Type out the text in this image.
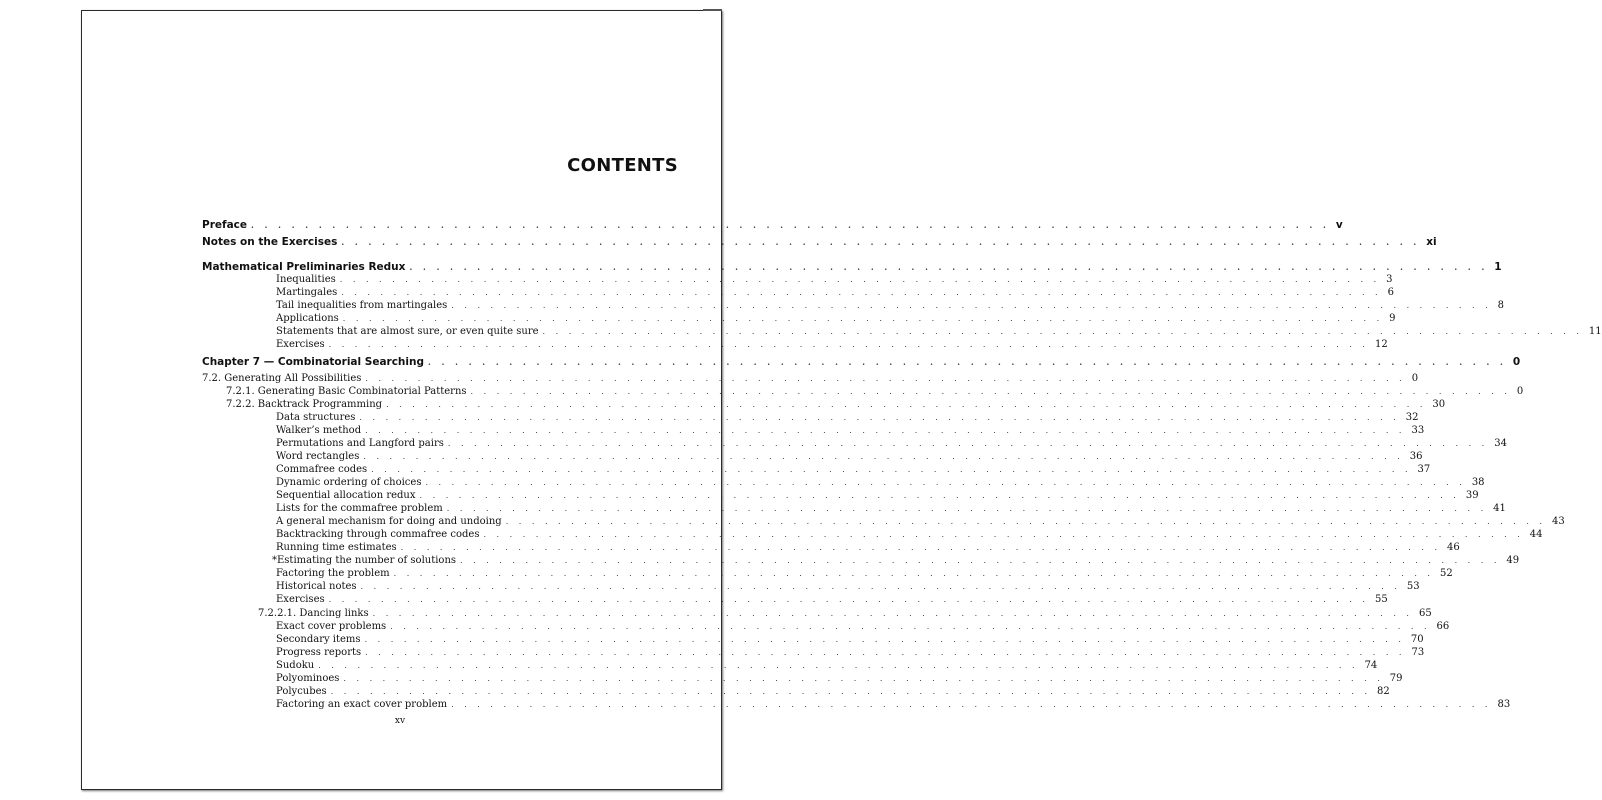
CONTENTS
Preface . . . . . . . . . . . . . . . . . . . . . . . . . . . . . . . . . . . . . . . . . . . . . . . . . . . . . . . . . . . . . . . . . . . . . . . . . . . . . . . . v
Notes on the Exercises . . . . . . . . . . . . . . . . . . . . . . . . . . . . . . . . . . . . . . . . . . . . . . . . . . . . . . . . . . . . . . . . . . . . . . . . . . . . . . . . xi
Mathematical Preliminaries Redux . . . . . . . . . . . . . . . . . . . . . . . . . . . . . . . . . . . . . . . . . . . . . . . . . . . . . . . . . . . . . . . . . . . . . . . . . . . . . . . . 1
Inequalities . . . . . . . . . . . . . . . . . . . . . . . . . . . . . . . . . . . . . . . . . . . . . . . . . . . . . . . . . . . . . . . . . . . . . . . . . . . . . . . . 3
Martingales . . . . . . . . . . . . . . . . . . . . . . . . . . . . . . . . . . . . . . . . . . . . . . . . . . . . . . . . . . . . . . . . . . . . . . . . . . . . . . . . 6
Tail inequalities from martingales . . . . . . . . . . . . . . . . . . . . . . . . . . . . . . . . . . . . . . . . . . . . . . . . . . . . . . . . . . . . . . . . . . . . . . . . . . . . . . . . 8
Applications . . . . . . . . . . . . . . . . . . . . . . . . . . . . . . . . . . . . . . . . . . . . . . . . . . . . . . . . . . . . . . . . . . . . . . . . . . . . . . . . 9
Statements that are almost sure, or even quite sure . . . . . . . . . . . . . . . . . . . . . . . . . . . . . . . . . . . . . . . . . . . . . . . . . . . . . . . . . . . . . . . . . . . . . . . . . . . . . . . . 11
Exercises . . . . . . . . . . . . . . . . . . . . . . . . . . . . . . . . . . . . . . . . . . . . . . . . . . . . . . . . . . . . . . . . . . . . . . . . . . . . . . . . 12
Chapter 7 — Combinatorial Searching . . . . . . . . . . . . . . . . . . . . . . . . . . . . . . . . . . . . . . . . . . . . . . . . . . . . . . . . . . . . . . . . . . . . . . . . . . . . . . . . 0
7.2. Generating All Possibilities . . . . . . . . . . . . . . . . . . . . . . . . . . . . . . . . . . . . . . . . . . . . . . . . . . . . . . . . . . . . . . . . . . . . . . . . . . . . . . . . 0
7.2.1. Generating Basic Combinatorial Patterns . . . . . . . . . . . . . . . . . . . . . . . . . . . . . . . . . . . . . . . . . . . . . . . . . . . . . . . . . . . . . . . . . . . . . . . . . . . . . . . . 0
7.2.2. Backtrack Programming . . . . . . . . . . . . . . . . . . . . . . . . . . . . . . . . . . . . . . . . . . . . . . . . . . . . . . . . . . . . . . . . . . . . . . . . . . . . . . . . 30
Data structures . . . . . . . . . . . . . . . . . . . . . . . . . . . . . . . . . . . . . . . . . . . . . . . . . . . . . . . . . . . . . . . . . . . . . . . . . . . . . . . . 32
Walker’s method . . . . . . . . . . . . . . . . . . . . . . . . . . . . . . . . . . . . . . . . . . . . . . . . . . . . . . . . . . . . . . . . . . . . . . . . . . . . . . . . 33
Permutations and Langford pairs . . . . . . . . . . . . . . . . . . . . . . . . . . . . . . . . . . . . . . . . . . . . . . . . . . . . . . . . . . . . . . . . . . . . . . . . . . . . . . . . 34
Word rectangles . . . . . . . . . . . . . . . . . . . . . . . . . . . . . . . . . . . . . . . . . . . . . . . . . . . . . . . . . . . . . . . . . . . . . . . . . . . . . . . . 36
Commafree codes . . . . . . . . . . . . . . . . . . . . . . . . . . . . . . . . . . . . . . . . . . . . . . . . . . . . . . . . . . . . . . . . . . . . . . . . . . . . . . . . 37
Dynamic ordering of choices . . . . . . . . . . . . . . . . . . . . . . . . . . . . . . . . . . . . . . . . . . . . . . . . . . . . . . . . . . . . . . . . . . . . . . . . . . . . . . . . 38
Sequential allocation redux . . . . . . . . . . . . . . . . . . . . . . . . . . . . . . . . . . . . . . . . . . . . . . . . . . . . . . . . . . . . . . . . . . . . . . . . . . . . . . . . 39
Lists for the commafree problem . . . . . . . . . . . . . . . . . . . . . . . . . . . . . . . . . . . . . . . . . . . . . . . . . . . . . . . . . . . . . . . . . . . . . . . . . . . . . . . . 41
A general mechanism for doing and undoing . . . . . . . . . . . . . . . . . . . . . . . . . . . . . . . . . . . . . . . . . . . . . . . . . . . . . . . . . . . . . . . . . . . . . . . . . . . . . . . . 43
Backtracking through commafree codes . . . . . . . . . . . . . . . . . . . . . . . . . . . . . . . . . . . . . . . . . . . . . . . . . . . . . . . . . . . . . . . . . . . . . . . . . . . . . . . . 44
Running time estimates . . . . . . . . . . . . . . . . . . . . . . . . . . . . . . . . . . . . . . . . . . . . . . . . . . . . . . . . . . . . . . . . . . . . . . . . . . . . . . . . 46
*Estimating the number of solutions . . . . . . . . . . . . . . . . . . . . . . . . . . . . . . . . . . . . . . . . . . . . . . . . . . . . . . . . . . . . . . . . . . . . . . . . . . . . . . . . 49
Factoring the problem . . . . . . . . . . . . . . . . . . . . . . . . . . . . . . . . . . . . . . . . . . . . . . . . . . . . . . . . . . . . . . . . . . . . . . . . . . . . . . . . 52
Historical notes . . . . . . . . . . . . . . . . . . . . . . . . . . . . . . . . . . . . . . . . . . . . . . . . . . . . . . . . . . . . . . . . . . . . . . . . . . . . . . . . 53
Exercises . . . . . . . . . . . . . . . . . . . . . . . . . . . . . . . . . . . . . . . . . . . . . . . . . . . . . . . . . . . . . . . . . . . . . . . . . . . . . . . . 55
7.2.2.1. Dancing links . . . . . . . . . . . . . . . . . . . . . . . . . . . . . . . . . . . . . . . . . . . . . . . . . . . . . . . . . . . . . . . . . . . . . . . . . . . . . . . . 65
Exact cover problems . . . . . . . . . . . . . . . . . . . . . . . . . . . . . . . . . . . . . . . . . . . . . . . . . . . . . . . . . . . . . . . . . . . . . . . . . . . . . . . . 66
Secondary items . . . . . . . . . . . . . . . . . . . . . . . . . . . . . . . . . . . . . . . . . . . . . . . . . . . . . . . . . . . . . . . . . . . . . . . . . . . . . . . . 70
Progress reports . . . . . . . . . . . . . . . . . . . . . . . . . . . . . . . . . . . . . . . . . . . . . . . . . . . . . . . . . . . . . . . . . . . . . . . . . . . . . . . . 73
Sudoku . . . . . . . . . . . . . . . . . . . . . . . . . . . . . . . . . . . . . . . . . . . . . . . . . . . . . . . . . . . . . . . . . . . . . . . . . . . . . . . . 74
Polyominoes . . . . . . . . . . . . . . . . . . . . . . . . . . . . . . . . . . . . . . . . . . . . . . . . . . . . . . . . . . . . . . . . . . . . . . . . . . . . . . . . 79
Polycubes . . . . . . . . . . . . . . . . . . . . . . . . . . . . . . . . . . . . . . . . . . . . . . . . . . . . . . . . . . . . . . . . . . . . . . . . . . . . . . . . 82
Factoring an exact cover problem . . . . . . . . . . . . . . . . . . . . . . . . . . . . . . . . . . . . . . . . . . . . . . . . . . . . . . . . . . . . . . . . . . . . . . . . . . . . . . . . 83
xv
